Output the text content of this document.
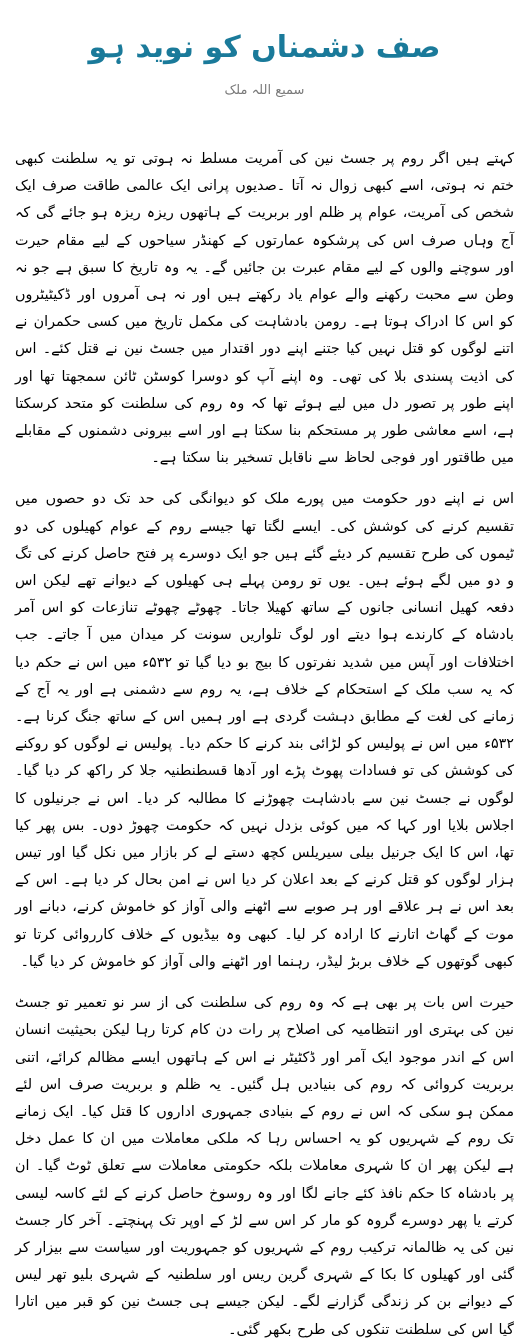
صف دشمناں کو نوید ہو
سمیع اللہ ملک

کہتے ہیں اگر روم پر جسٹ نین کی آمریت مسلط نہ ہوتی تو یہ سلطنت کبھی ختم نہ ہوتی، اسے کبھی زوال نہ آتا ۔صدیوں پرانی ایک عالمی طاقت صرف ایک شخص کی آمریت، عوام پر ظلم اور بربریت کے ہاتھوں ریزہ ریزہ ہو جائے گی کہ آج وہاں صرف اس کی پرشکوہ عمارتوں کے کھنڈر سیاحوں کے لیے مقام حیرت اور سوچنے والوں کے لیے مقام عبرت بن جائیں گے۔ یہ وہ تاریخ کا سبق ہے جو نہ وطن سے محبت رکھنے والے عوام یاد رکھتے ہیں اور نہ ہی آمروں اور ڈکیٹیٹروں کو اس کا ادراک ہوتا ہے۔ رومن بادشاہت کی مکمل تاریخ میں کسی حکمران نے اتنے لوگوں کو قتل نہیں کیا جتنے اپنے دور اقتدار میں جسٹ نین نے قتل کئے۔ اس کی اذیت پسندی بلا کی تھی۔ وہ اپنے آپ کو دوسرا کوسٹن ٹائن سمجھتا تھا اور اپنے طور پر تصور دل میں لیے ہوئے تھا کہ وہ روم کی سلطنت کو متحد کرسکتا ہے، اسے معاشی طور پر مستحکم بنا سکتا ہے اور اسے بیرونی دشمنوں کے مقابلے میں طاقتور اور فوجی لحاظ سے ناقابل تسخیر بنا سکتا ہے۔

اس نے اپنے دور حکومت میں پورے ملک کو دیوانگی کی حد تک دو حصوں میں تقسیم کرنے کی کوشش کی۔ ایسے لگتا تھا جیسے روم کے عوام کھیلوں کی دو ٹیموں کی طرح تقسیم کر دیئے گئے ہیں جو ایک دوسرے پر فتح حاصل کرنے کی تگ و دو میں لگے ہوئے ہیں۔ یوں تو رومن پہلے ہی کھیلوں کے دیوانے تھے لیکن اس دفعہ کھیل انسانی جانوں کے ساتھ کھیلا جاتا۔ چھوٹے چھوٹے تنازعات کو اس آمر بادشاہ کے کارندے ہوا دیتے اور لوگ تلواریں سونت کر میدان میں آ جاتے۔ جب اختلافات اور آپس میں شدید نفرتوں کا بیج بو دیا گیا تو ۵۳۲ء میں اس نے حکم دیا کہ یہ سب ملک کے استحکام کے خلاف ہے، یہ روم سے دشمنی ہے اور یہ آج کے زمانے کی لغت کے مطابق دہشت گردی ہے اور ہمیں اس کے ساتھ جنگ کرنا ہے۔ ۵۳۲ء میں اس نے پولیس کو لڑائی بند کرنے کا حکم دیا۔ پولیس نے لوگوں کو روکنے کی کوشش کی تو فسادات پھوٹ پڑے اور آدھا قسطنطنیہ جلا کر راکھ کر دیا گیا۔ لوگوں نے جسٹ نین سے بادشاہت چھوڑنے کا مطالبہ کر دیا۔ اس نے جرنیلوں کا اجلاس بلایا اور کہا کہ میں کوئی بزدل نہیں کہ حکومت چھوڑ دوں۔ بس پھر کیا تھا، اس کا ایک جرنیل بیلی سیریلس کچھ دستے لے کر بازار میں نکل گیا اور تیس ہزار لوگوں کو قتل کرنے کے بعد اعلان کر دیا اس نے امن بحال کر دیا ہے۔ اس کے بعد اس نے ہر علاقے اور ہر صوبے سے اٹھنے والی آواز کو خاموش کرنے، دبانے اور موت کے گھاٹ اتارنے کا ارادہ کر لیا۔ کبھی وہ بیڈیوں کے خلاف کارروائی کرتا تو کبھی گوتھوں کے خلاف بربڑ لیڈر، رہنما اور اٹھنے والی آواز کو خاموش کر دیا گیا۔

حیرت اس بات پر بھی ہے کہ وہ روم کی سلطنت کی از سر نو تعمیر تو جسٹ نین کی بہتری اور انتظامیہ کی اصلاح پر رات دن کام کرتا رہا لیکن بحیثیت انسان اس کے اندر موجود ایک آمر اور ڈکٹیٹر نے اس کے ہاتھوں ایسے مظالم کرائے، اتنی بربریت کروائی کہ روم کی بنیادیں ہل گئیں۔ یہ ظلم و بربریت صرف اس لئے ممکن ہو سکی کہ اس نے روم کے بنیادی جمہوری اداروں کا قتل کیا۔ ایک زمانے تک روم کے شہریوں کو یہ احساس رہا کہ ملکی معاملات میں ان کا عمل دخل ہے لیکن پھر ان کا شہری معاملات بلکہ حکومتی معاملات سے تعلق ٹوٹ گیا۔ ان پر بادشاہ کا حکم نافذ کئے جانے لگا اور وہ روسوخ حاصل کرنے کے لئے کاسہ لیسی کرتے یا پھر دوسرے گروہ کو مار کر اس سے لڑ کے اوپر تک پہنچتے۔ آخر کار جسٹ نین کی یہ ظالمانہ ترکیب روم کے شہریوں کو جمہوریت اور سیاست سے بیزار کر گئی اور کھیلوں کا بکا کے شہری گرین ریس اور سلطنیہ کے شہری بلیو تھر لیس کے دیوانے بن کر زندگی گزارنے لگے۔ لیکن جیسے ہی جسٹ نین کو قبر میں اتارا گیا اس کی سلطنت تنکوں کی طرح بکھر گئی۔
